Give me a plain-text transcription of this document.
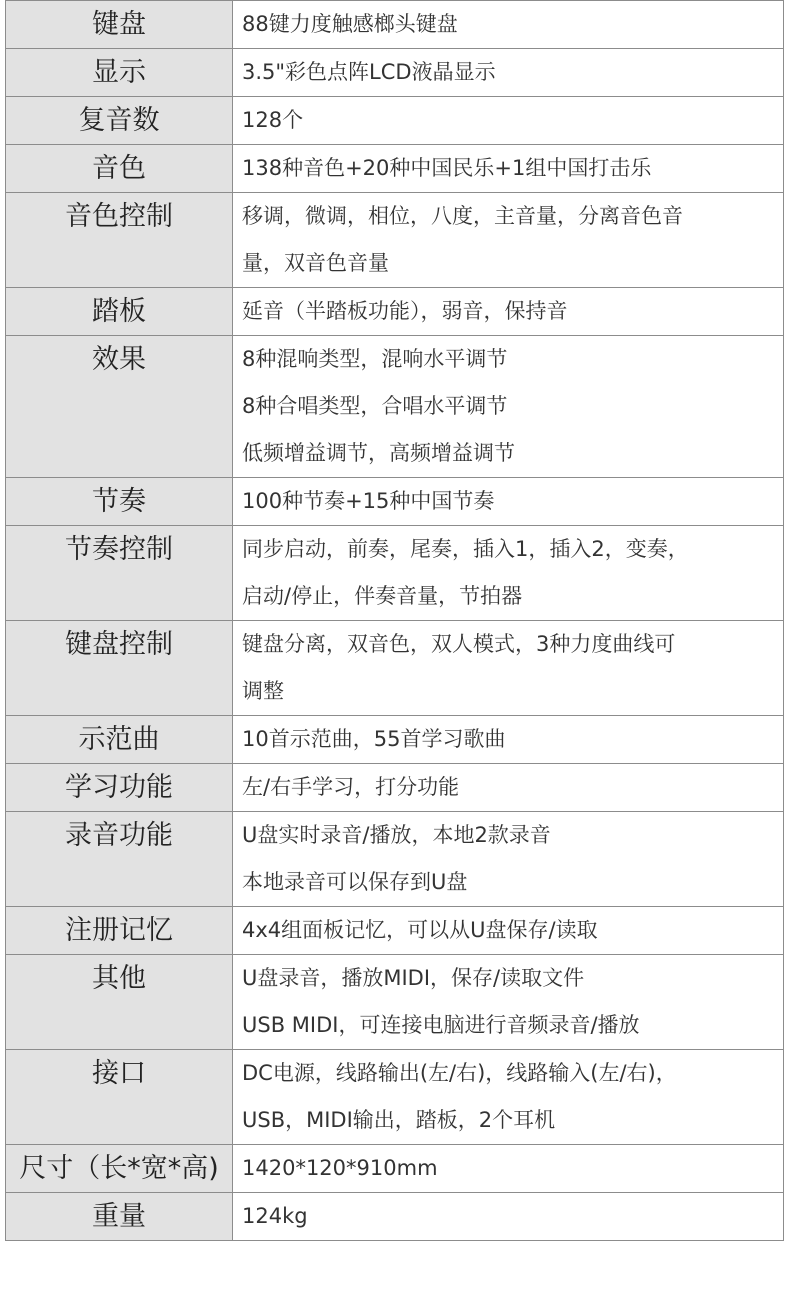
键盘	88键力度触感榔头键盘

显示	3.5"彩色点阵LCD液晶显示

复音数	128个

音色	138种音色+20种中国民乐+1组中国打击乐

音色控制	移调，微调，相位，八度，主音量，分离音色音
量，双音色音量

踏板	延音（半踏板功能），弱音，保持音

效果	8种混响类型，混响水平调节
8种合唱类型，合唱水平调节
低频增益调节，高频增益调节

节奏	100种节奏+15种中国节奏

节奏控制	同步启动，前奏，尾奏，插入1，插入2，变奏，
启动/停止，伴奏音量，节拍器

键盘控制	键盘分离，双音色，双人模式，3种力度曲线可
调整

示范曲	10首示范曲，55首学习歌曲

学习功能	左/右手学习，打分功能

录音功能	U盘实时录音/播放，本地2款录音
本地录音可以保存到U盘

注册记忆	4x4组面板记忆，可以从U盘保存/读取

其他	U盘录音，播放MIDI，保存/读取文件
USB MIDI，可连接电脑进行音频录音/播放

接口	DC电源，线路输出(左/右)，线路输入(左/右)，
USB，MIDI输出，踏板，2个耳机

尺寸（长*宽*高)	1420*120*910mm

重量	124kg
